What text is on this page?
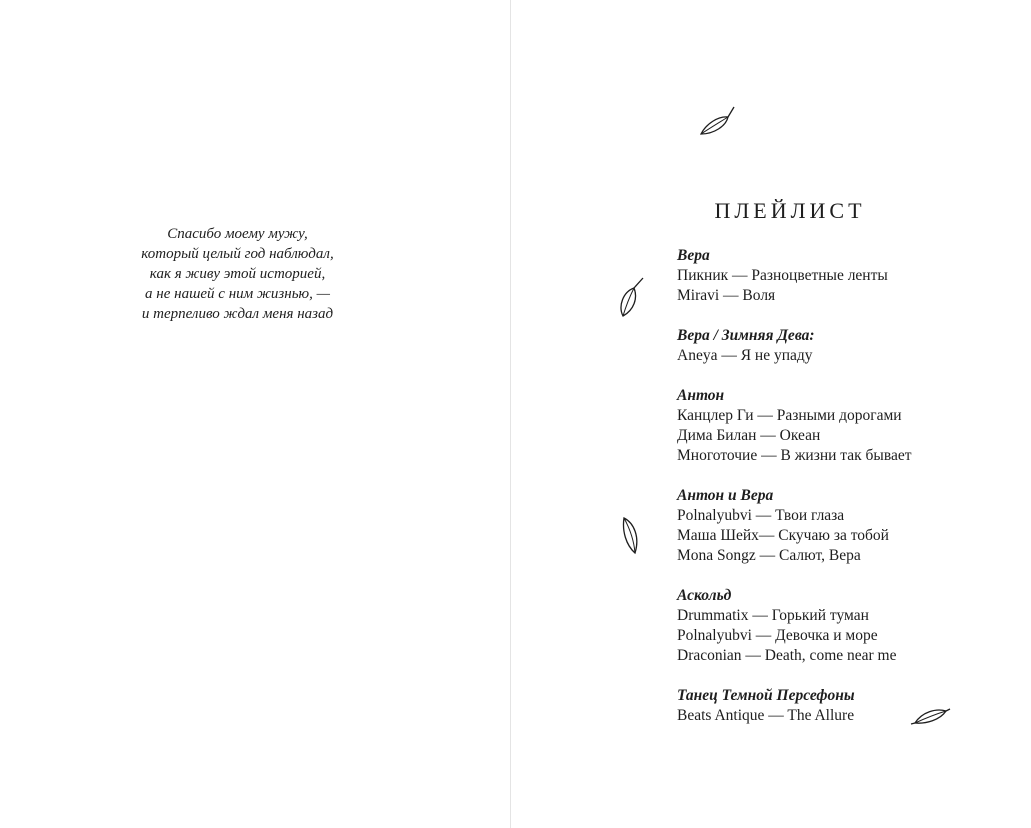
Спасибо моему мужу,
который целый год наблюдал,
как я живу этой историей,
а не нашей с ним жизнью, —
и терпеливо ждал меня назад
ПЛЕЙЛИСТ
Вера
Пикник — Разноцветные ленты
Miravi — Воля
Вера / Зимняя Дева:
Aneya — Я не упаду
Антон
Канцлер Ги — Разными дорогами
Дима Билан — Океан
Многоточие — В жизни так бывает
Антон и Вера
Polnalyubvi — Твои глаза
Маша Шейх— Скучаю за тобой
Mona Songz — Салют, Вера
Аскольд
Drummatix — Горький туман
Polnalyubvi — Девочка и море
Draconian — Death, come near me
Танец Темной Персефоны
Beats Antique — The Allure
